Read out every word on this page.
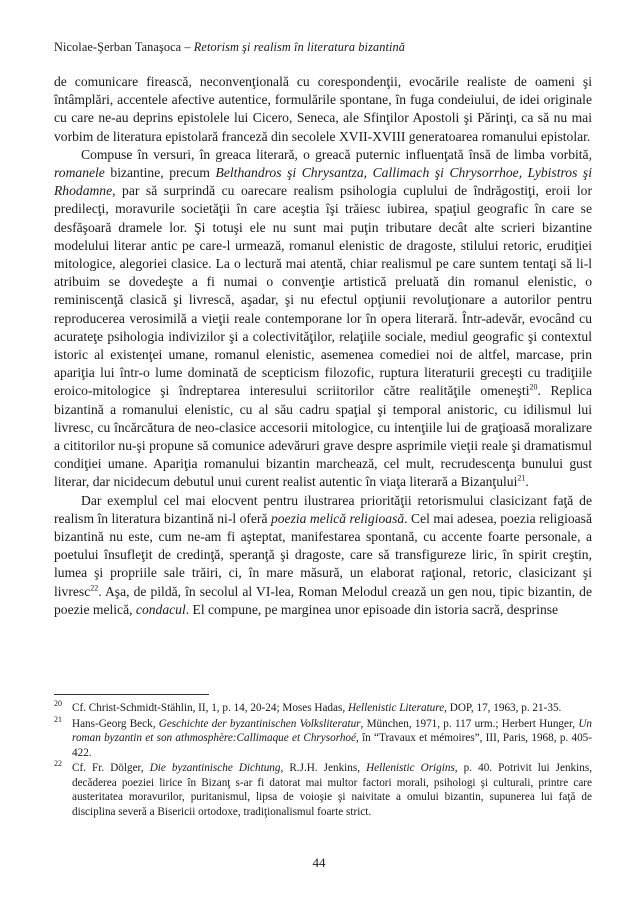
Nicolae-Şerban Tanaşoca – Retorism şi realism în literatura bizantină

de comunicare firească, neconvenţională cu corespondenţii, evocările realiste de oameni şi întâmplări, accentele afective autentice, formulările spontane, în fuga condeiului, de idei originale cu care ne-au deprins epistolele lui Cicero, Seneca, ale Sfinţilor Apostoli şi Părinţi, ca să nu mai vorbim de literatura epistolară franceză din secolele XVII-XVIII generatoarea romanului epistolar.

Compuse în versuri, în greaca literară, o greacă puternic influenţată însă de limba vorbită, romanele bizantine, precum Belthandros şi Chrysantza, Callimach şi Chrysorrhoe, Lybistros şi Rhodamne, par să surprindă cu oarecare realism psihologia cuplului de îndrăgostiţi, eroii lor predilecţi, moravurile societăţii în care aceştia îşi trăiesc iubirea, spaţiul geografic în care se desfăşoară dramele lor. Şi totuşi ele nu sunt mai puţin tributare decât alte scrieri bizantine modelului literar antic pe care-l urmează, romanul elenistic de dragoste, stilului retoric, erudiţiei mitologice, alegoriei clasice. La o lectură mai atentă, chiar realismul pe care suntem tentaţi să li-l atribuim se dovedeşte a fi numai o convenţie artistică preluată din romanul elenistic, o reminiscenţă clasică şi livrescă, aşadar, şi nu efectul opţiunii revoluţionare a autorilor pentru reproducerea verosimilă a vieţii reale contemporane lor în opera literară. Într-adevăr, evocând cu acurateţe psihologia indivizilor şi a colectivităţilor, relaţiile sociale, mediul geografic şi contextul istoric al existenţei umane, romanul elenistic, asemenea comediei noi de altfel, marcase, prin apariţia lui într-o lume dominată de scepticism filozofic, ruptura literaturii greceşti cu tradiţiile eroico-mitologice şi îndreptarea interesului scriitorilor către realităţile omeneşti$^{20}$. Replica bizantină a romanului elenistic, cu al său cadru spaţial şi temporal anistoric, cu idilismul lui livresc, cu încărcătura de neo-clasice accesorii mitologice, cu intenţiile lui de graţioasă moralizare a cititorilor nu-şi propune să comunice adevăruri grave despre asprimile vieţii reale şi dramatismul condiţiei umane. Apariţia romanului bizantin marchează, cel mult, recrudescenţa bunului gust literar, dar nicidecum debutul unui curent realist autentic în viaţa literară a Bizanţului$^{21}$.

Dar exemplul cel mai elocvent pentru ilustrarea priorităţii retorismului clasicizant faţă de realism în literatura bizantină ni-l oferă poezia melică religioasă. Cel mai adesea, poezia religioasă bizantină nu este, cum ne-am fi aşteptat, manifestarea spontană, cu accente foarte personale, a poetului însufleţit de credinţă, speranţă şi dragoste, care să transfigureze liric, în spirit creştin, lumea şi propriile sale trăiri, ci, în mare măsură, un elaborat raţional, retoric, clasicizant şi livresc$^{22}$. Aşa, de pildă, în secolul al VI-lea, Roman Melodul crează un gen nou, tipic bizantin, de poezie melică, condacul. El compune, pe marginea unor episoade din istoria sacră, desprinse

20 Cf. Christ-Schmidt-Stählin, II, 1, p. 14, 20-24; Moses Hadas, Hellenistic Literature, DOP, 17, 1963, p. 21-35.

21 Hans-Georg Beck, Geschichte der byzantinischen Volksliteratur, München, 1971, p. 117 urm.; Herbert Hunger, Un roman byzantin et son athmosphère:Callimaque et Chrysorhoé, în “Travaux et mémoires”, III, Paris, 1968, p. 405-422.

22 Cf. Fr. Dölger, Die byzantinische Dichtung, R.J.H. Jenkins, Hellenistic Origins, p. 40. Potrivit lui Jenkins, decăderea poeziei lirice în Bizanţ s-ar fi datorat mai multor factori morali, psihologi şi culturali, printre care austeritatea moravurilor, puritanismul, lipsa de voioşie şi naivitate a omului bizantin, supunerea lui faţă de disciplina severă a Bisericii ortodoxe, tradiţionalismul foarte strict.

44
